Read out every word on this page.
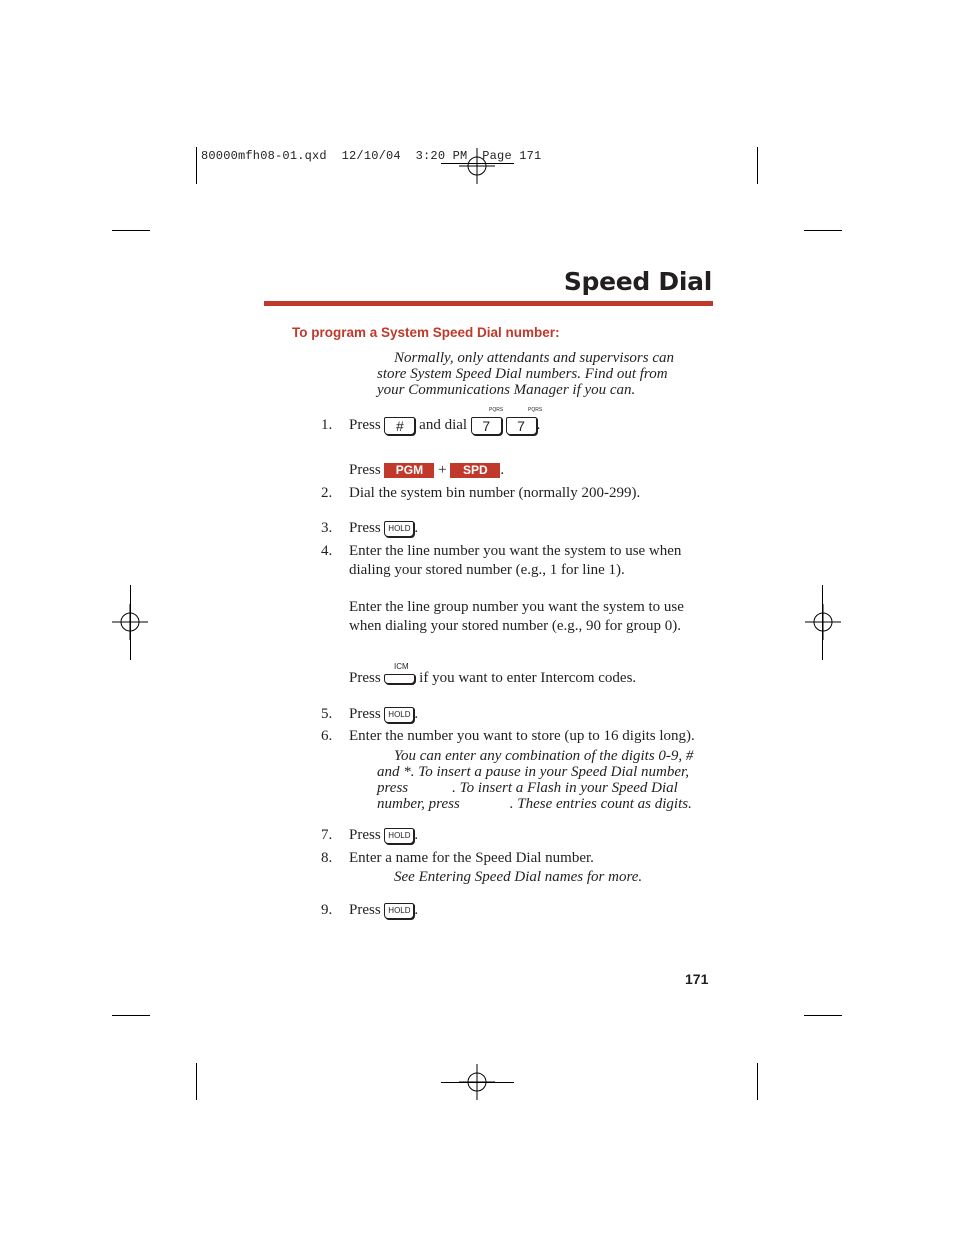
80000mfh08-01.qxd  12/10/04  3:20 PM  Page 171
Speed Dial
To program a System Speed Dial number:
Normally, only attendants and supervisors can
store System Speed Dial numbers. Find out from
your Communications Manager if you can.
PQRS	PQRS
1. Press # and dial 7 7 .
Press PGM + SPD .
2. Dial the system bin number (normally 200-299).
3. Press HOLD .
4. Enter the line number you want the system to use when
dialing your stored number (e.g., 1 for line 1).
Enter the line group number you want the system to use
when dialing your stored number (e.g., 90 for group 0).
ICM
Press	if you want to enter Intercom codes.
5. Press HOLD .
6. Enter the number you want to store (up to 16 digits long).
You can enter any combination of the digits 0-9, #
and *. To insert a pause in your Speed Dial number,
press	. To insert a Flash in your Speed Dial
number, press	. These entries count as digits.
7. Press HOLD .
8. Enter a name for the Speed Dial number.
See Entering Speed Dial names for more.
9. Press HOLD .
171
